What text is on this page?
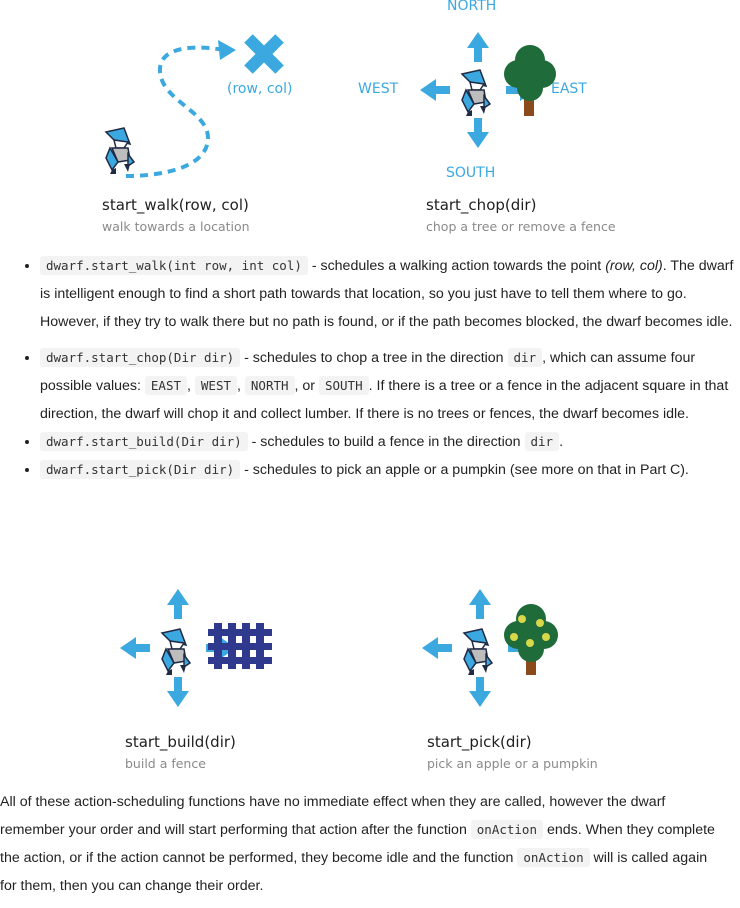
(row, col)
start_walk(row, col)
walk towards a location
NORTH
SOUTH
WEST	EAST
start_chop(dir)
chop a tree or remove a fence
• dwarf.start_walk(int row, int col) - schedules a walking action towards the point (row, col). The dwarf is intelligent enough to find a short path towards that location, so you just have to tell them where to go. However, if they try to walk there but no path is found, or if the path becomes blocked, the dwarf becomes idle.
• dwarf.start_chop(Dir dir) - schedules to chop a tree in the direction dir , which can assume four possible values: EAST , WEST , NORTH , or SOUTH . If there is a tree or a fence in the adjacent square in that direction, the dwarf will chop it and collect lumber. If there is no trees or fences, the dwarf becomes idle.
• dwarf.start_build(Dir dir) - schedules to build a fence in the direction dir .
• dwarf.start_pick(Dir dir) - schedules to pick an apple or a pumpkin (see more on that in Part C).
start_build(dir)
build a fence
start_pick(dir)
pick an apple or a pumpkin

All of these action-scheduling functions have no immediate effect when they are called, however the dwarf remember your order and will start performing that action after the function onAction ends. When they complete the action, or if the action cannot be performed, they become idle and the function onAction will is called again for them, then you can change their order.
